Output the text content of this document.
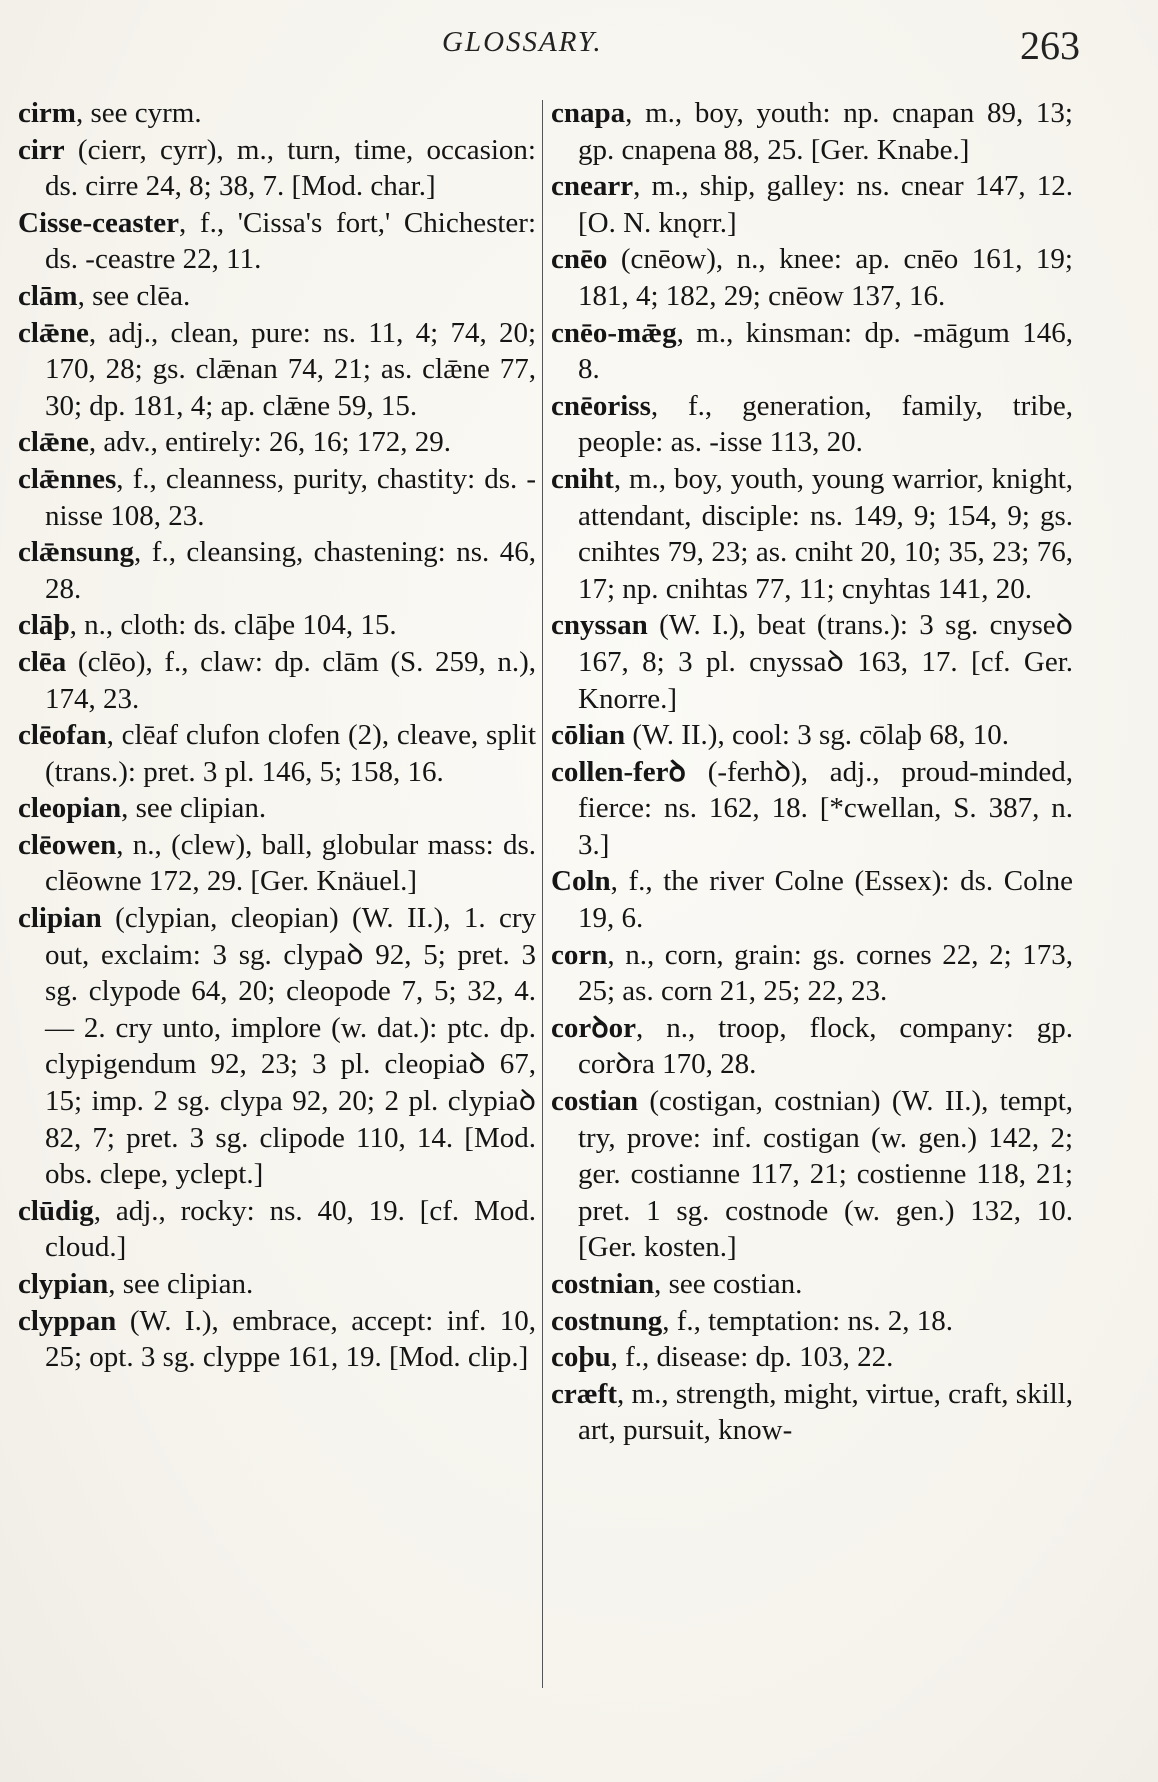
GLOSSARY.	263

cirm, see cyrm.

cirr (cierr, cyrr), m., turn, time, occasion: ds. cirre 24, 8; 38, 7. [Mod. char.]

Cisse-ceaster, f., 'Cissa's fort,' Chichester: ds. -ceastre 22, 11.

clām, see clēa.

clǣne, adj., clean, pure: ns. 11, 4; 74, 20; 170, 28; gs. clǣnan 74, 21; as. clǣne 77, 30; dp. 181, 4; ap. clǣne 59, 15.

clǣne, adv., entirely: 26, 16; 172, 29.

clǣnnes, f., cleanness, purity, chastity: ds. -nisse 108, 23.

clǣnsung, f., cleansing, chastening: ns. 46, 28.

clāþ, n., cloth: ds. clāþe 104, 15.

clēa (clēo), f., claw: dp. clām (S. 259, n.), 174, 23.

clēofan, clēaf clufon clofen (2), cleave, split (trans.): pret. 3 pl. 146, 5; 158, 16.

cleopian, see clipian.

clēowen, n., (clew), ball, globular mass: ds. clēowne 172, 29. [Ger. Knäuel.]

clipian (clypian, cleopian) (W. II.), 1. cry out, exclaim: 3 sg. clypaꝺ 92, 5; pret. 3 sg. clypode 64, 20; cleopode 7, 5; 32, 4.— 2. cry unto, implore (w. dat.): ptc. dp. clypigendum 92, 23; 3 pl. cleopiaꝺ 67, 15; imp. 2 sg. clypa 92, 20; 2 pl. clypiaꝺ 82, 7; pret. 3 sg. clipode 110, 14. [Mod. obs. clepe, yclept.]

clūdig, adj., rocky: ns. 40, 19. [cf. Mod. cloud.]

clypian, see clipian.

clyppan (W. I.), embrace, accept: inf. 10, 25; opt. 3 sg. clyppe 161, 19. [Mod. clip.]

cnapa, m., boy, youth: np. cnapan 89, 13; gp. cnapena 88, 25. [Ger. Knabe.]

cnearr, m., ship, galley: ns. cnear 147, 12. [O. N. knǫrr.]

cnēo (cnēow), n., knee: ap. cnēo 161, 19; 181, 4; 182, 29; cnēow 137, 16.

cnēo-mǣg, m., kinsman: dp. -māgum 146, 8.

cnēoriss, f., generation, family, tribe, people: as. -isse 113, 20.

cniht, m., boy, youth, young warrior, knight, attendant, disciple: ns. 149, 9; 154, 9; gs. cnihtes 79, 23; as. cniht 20, 10; 35, 23; 76, 17; np. cnihtas 77, 11; cnyhtas 141, 20.

cnyssan (W. I.), beat (trans.): 3 sg. cnyseꝺ 167, 8; 3 pl. cnyssaꝺ 163, 17. [cf. Ger. Knorre.]

cōlian (W. II.), cool: 3 sg. cōlaþ 68, 10.

collen-ferꝺ (-ferhꝺ), adj., proud-minded, fierce: ns. 162, 18. [*cwellan, S. 387, n. 3.]

Coln, f., the river Colne (Essex): ds. Colne 19, 6.

corn, n., corn, grain: gs. cornes 22, 2; 173, 25; as. corn 21, 25; 22, 23.

corꝺor, n., troop, flock, company: gp. corꝺra 170, 28.

costian (costigan, costnian) (W. II.), tempt, try, prove: inf. costigan (w. gen.) 142, 2; ger. costianne 117, 21; costienne 118, 21; pret. 1 sg. costnode (w. gen.) 132, 10. [Ger. kosten.]

costnian, see costian.

costnung, f., temptation: ns. 2, 18.

coþu, f., disease: dp. 103, 22.

cræft, m., strength, might, virtue, craft, skill, art, pursuit, know-
